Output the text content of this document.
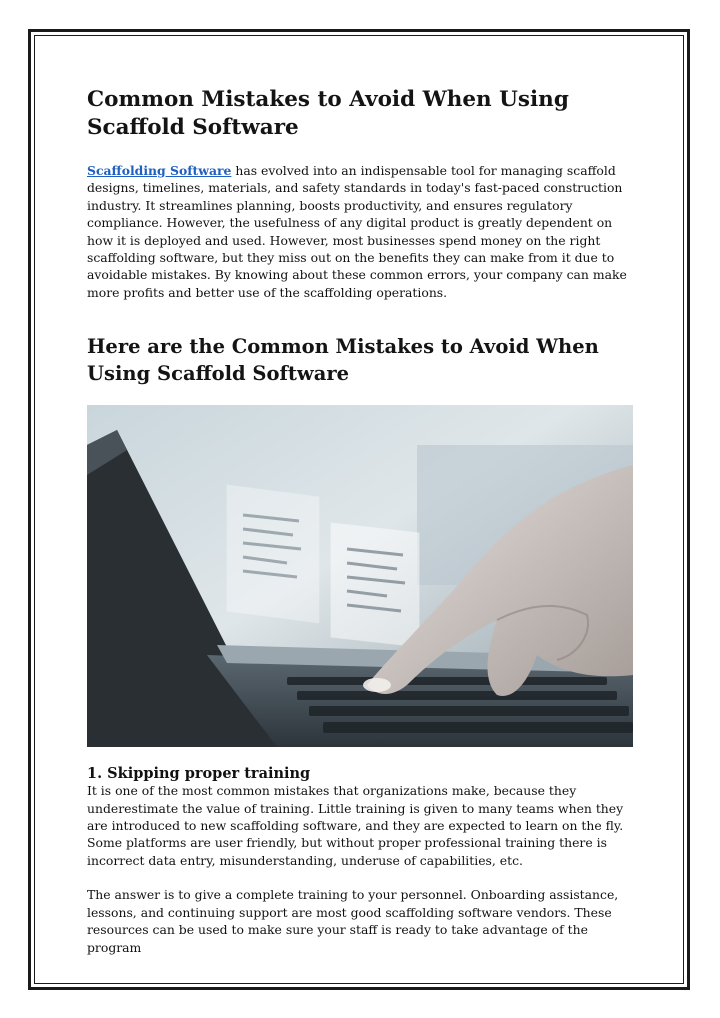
Common Mistakes to Avoid When Using Scaffold Software

Scaffolding Software has evolved into an indispensable tool for managing scaffold designs, timelines, materials, and safety standards in today's fast-paced construction industry. It streamlines planning, boosts productivity, and ensures regulatory compliance. However, the usefulness of any digital product is greatly dependent on how it is deployed and used. However, most businesses spend money on the right scaffolding software, but they miss out on the benefits they can make from it due to avoidable mistakes. By knowing about these common errors, your company can make more profits and better use of the scaffolding operations.

Here are the Common Mistakes to Avoid When Using Scaffold Software
1. Skipping proper training

It is one of the most common mistakes that organizations make, because they underestimate the value of training. Little training is given to many teams when they are introduced to new scaffolding software, and they are expected to learn on the fly. Some platforms are user friendly, but without proper professional training there is incorrect data entry, misunderstanding, underuse of capabilities, etc.

The answer is to give a complete training to your personnel. Onboarding assistance, lessons, and continuing support are most good scaffolding software vendors. These resources can be used to make sure your staff is ready to take advantage of the program
